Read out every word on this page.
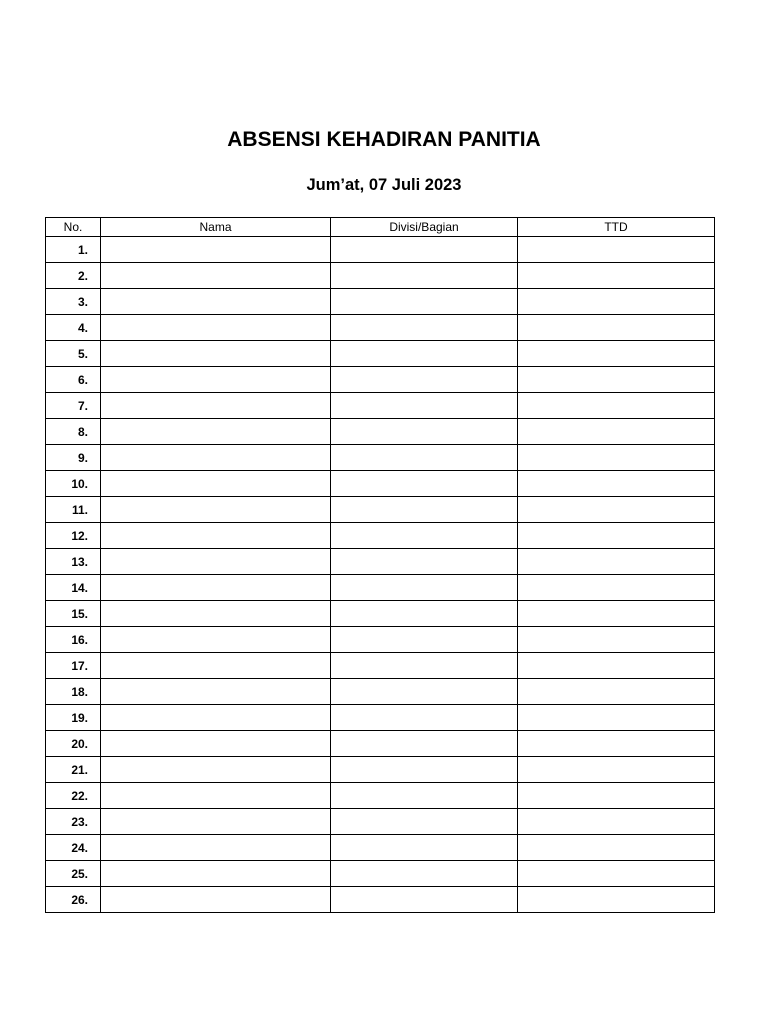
ABSENSI KEHADIRAN PANITIA
Jum’at, 07 Juli 2023
No.	Nama	Divisi/Bagian	TTD
1.			
2.			
3.			
4.			
5.			
6.			
7.			
8.			
9.			
10.			
11.			
12.			
13.			
14.			
15.			
16.			
17.			
18.			
19.			
20.			
21.			
22.			
23.			
24.			
25.			
26.			
